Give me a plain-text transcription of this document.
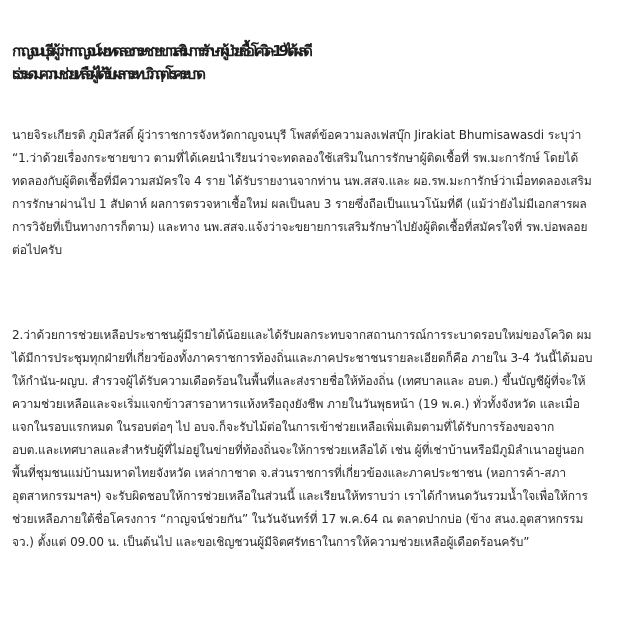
กาญจนบุรี-ผู้ว่าฯกาญจน์เผยทดลองกระชายขาวเสริมการรักษาผู้ป่วยเชื้อโควิด-19ได้ผลดี
เร่งระดมความช่วยเหลือผู้ได้รับผลกระทบวิกฤตโรคระบาด
นายจิระเกียรติ ภูมิสวัสดิ์ ผู้ว่าราชการจังหวัดกาญจนบุรี โพสต์ข้อความลงเฟสบุ๊ก Jirakiat Bhumisawasdi ระบุว่า
“1.ว่าด้วยเรื่องกระชายขาว ตามที่ได้เคยนำเรียนว่าจะทดลองใช้เสริมในการรักษาผู้ติดเชื้อที่ รพ.มะการักษ์ โดยได้
ทดลองกับผู้ติดเชื้อที่มีความสมัครใจ 4 ราย ได้รับรายงานจากท่าน นพ.สสจ.และ ผอ.รพ.มะการักษ์ว่าเมื่อทดลองเสริม
การรักษาผ่านไป 1 สัปดาห์ ผลการตรวจหาเชื้อใหม่ ผลเป็นลบ 3 รายซึ่งถือเป็นแนวโน้มที่ดี (แม้ว่ายังไม่มีเอกสารผล
การวิจัยที่เป็นทางการก็ตาม) และทาง นพ.สสจ.แจ้งว่าจะขยายการเสริมรักษาไปยังผู้ติดเชื้อที่สมัครใจที่ รพ.บ่อพลอย
ต่อไปครับ
2.ว่าด้วยการช่วยเหลือประชาชนผู้มีรายได้น้อยและได้รับผลกระทบจากสถานการณ์การระบาดรอบใหม่ของโควิด ผม
ได้มีการประชุมทุกฝ่ายที่เกี่ยวข้องทั้งภาคราชการท้องถิ่นและภาคประชาชนรายละเอียดก็คือ ภายใน 3-4 วันนี้ได้มอบ
ให้กำนัน-ผญบ. สำรวจผู้ได้รับความเดือดร้อนในพื้นที่และส่งรายชื่อให้ท้องถิ่น (เทศบาลและ อบต.) ขึ้นบัญชีผู้ที่จะให้
ความช่วยเหลือและจะเริ่มแจกข้าวสารอาหารแห้งหรือถุงยังชีพ ภายในวันพุธหน้า (19 พ.ค.) ทั่วทั้งจังหวัด และเมื่อ
แจกในรอบแรกหมด ในรอบต่อๆ ไป อบจ.ก็จะรับไม้ต่อในการเข้าช่วยเหลือเพิ่มเติมตามที่ได้รับการร้องขอจาก
อบต.และเทศบาลและสำหรับผู้ที่ไม่อยู่ในข่ายที่ท้องถิ่นจะให้การช่วยเหลือได้ เช่น ผู้ที่เช่าบ้านหรือมีภูมิลำเนาอยู่นอก
พื้นที่ชุมชนแม่บ้านมหาดไทยจังหวัด เหล่ากาชาด จ.ส่วนราชการที่เกี่ยวข้องและภาคประชาชน (หอการค้า-สภา
อุตสาหกรรมฯลฯ) จะรับผิดชอบให้การช่วยเหลือในส่วนนี้ และเรียนให้ทราบว่า เราได้กำหนดวันรวมน้ำใจเพื่อให้การ
ช่วยเหลือภายใต้ชื่อโครงการ “กาญจน์ช่วยกัน” ในวันจันทร์ที่ 17 พ.ค.64 ณ ตลาดปากบ่อ (ข้าง สนง.อุตสาหกรรม
จว.) ตั้งแต่ 09.00 น. เป็นต้นไป และขอเชิญชวนผู้มีจิตศรัทธาในการให้ความช่วยเหลือผู้เดือดร้อนครับ”
